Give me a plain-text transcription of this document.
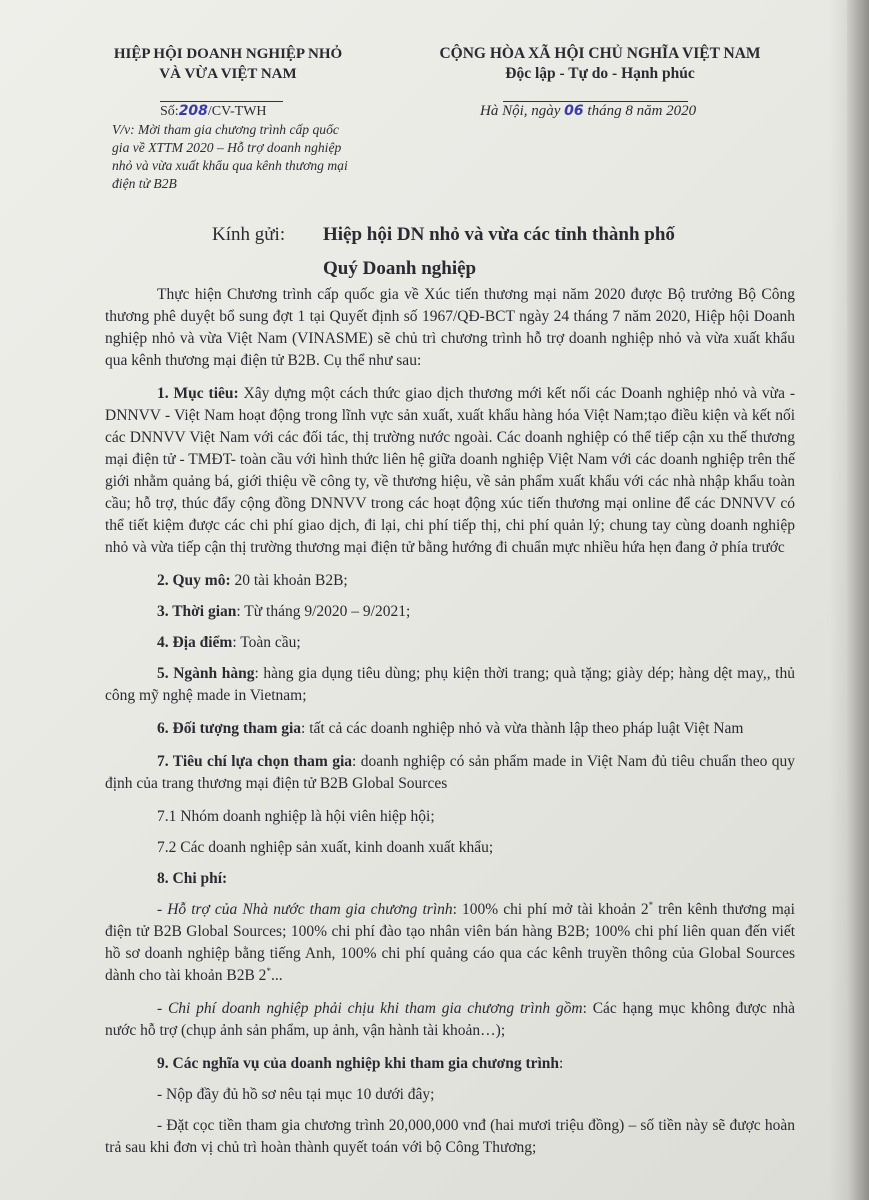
HIỆP HỘI DOANH NGHIỆP NHỎ
VÀ VỪA VIỆT NAM
CỘNG HÒA XÃ HỘI CHỦ NGHĨA VIỆT NAM
Độc lập - Tự do - Hạnh phúc
Số:208/CV-TWH
V/v: Mời tham gia chương trình cấp quốc gia về XTTM 2020 – Hỗ trợ doanh nghiệp nhỏ và vừa xuất khẩu qua kênh thương mại điện tử B2B
Hà Nội, ngày 06 tháng 8 năm 2020
Kính gửi: Hiệp hội DN nhỏ và vừa các tỉnh thành phố
Quý Doanh nghiệp

Thực hiện Chương trình cấp quốc gia về Xúc tiến thương mại năm 2020 được Bộ trưởng Bộ Công thương phê duyệt bổ sung đợt 1 tại Quyết định số 1967/QĐ-BCT ngày 24 tháng 7 năm 2020, Hiệp hội Doanh nghiệp nhỏ và vừa Việt Nam (VINASME) sẽ chủ trì chương trình hỗ trợ doanh nghiệp nhỏ và vừa xuất khẩu qua kênh thương mại điện tử B2B. Cụ thể như sau:

1. Mục tiêu: Xây dựng một cách thức giao dịch thương mới kết nối các Doanh nghiệp nhỏ và vừa - DNNVV - Việt Nam hoạt động trong lĩnh vực sản xuất, xuất khẩu hàng hóa Việt Nam;tạo điều kiện và kết nối các DNNVV Việt Nam với các đối tác, thị trường nước ngoài. Các doanh nghiệp có thể tiếp cận xu thế thương mại điện tử - TMĐT- toàn cầu với hình thức liên hệ giữa doanh nghiệp Việt Nam với các doanh nghiệp trên thế giới nhằm quảng bá, giới thiệu về công ty, về thương hiệu, về sản phẩm xuất khẩu với các nhà nhập khẩu toàn cầu; hỗ trợ, thúc đẩy cộng đồng DNNVV trong các hoạt động xúc tiến thương mại online để các DNNVV có thể tiết kiệm được các chi phí giao dịch, đi lại, chi phí tiếp thị, chi phí quản lý; chung tay cùng doanh nghiệp nhỏ và vừa tiếp cận thị trường thương mại điện tử bằng hướng đi chuẩn mực nhiều hứa hẹn đang ở phía trước

2. Quy mô: 20 tài khoản B2B;

3. Thời gian: Từ tháng 9/2020 – 9/2021;

4. Địa điểm: Toàn cầu;

5. Ngành hàng: hàng gia dụng tiêu dùng; phụ kiện thời trang; quà tặng; giày dép; hàng dệt may,, thủ công mỹ nghệ made in Vietnam;

6. Đối tượng tham gia: tất cả các doanh nghiệp nhỏ và vừa thành lập theo pháp luật Việt Nam

7. Tiêu chí lựa chọn tham gia: doanh nghiệp có sản phẩm made in Việt Nam đủ tiêu chuẩn theo quy định của trang thương mại điện tử B2B Global Sources

7.1 Nhóm doanh nghiệp là hội viên hiệp hội;

7.2 Các doanh nghiệp sản xuất, kinh doanh xuất khẩu;

8. Chi phí:

- Hỗ trợ của Nhà nước tham gia chương trình: 100% chi phí mở tài khoản 2* trên kênh thương mại điện tử B2B Global Sources; 100% chi phí đào tạo nhân viên bán hàng B2B; 100% chi phí liên quan đến viết hồ sơ doanh nghiệp bằng tiếng Anh, 100% chi phí quảng cáo qua các kênh truyền thông của Global Sources dành cho tài khoản B2B 2*...

- Chi phí doanh nghiệp phải chịu khi tham gia chương trình gồm: Các hạng mục không được nhà nước hỗ trợ (chụp ảnh sản phẩm, up ảnh, vận hành tài khoản…);

9. Các nghĩa vụ của doanh nghiệp khi tham gia chương trình:

- Nộp đầy đủ hồ sơ nêu tại mục 10 dưới đây;

- Đặt cọc tiền tham gia chương trình 20,000,000 vnđ (hai mươi triệu đồng) – số tiền này sẽ được hoàn trả sau khi đơn vị chủ trì hoàn thành quyết toán với bộ Công Thương;
